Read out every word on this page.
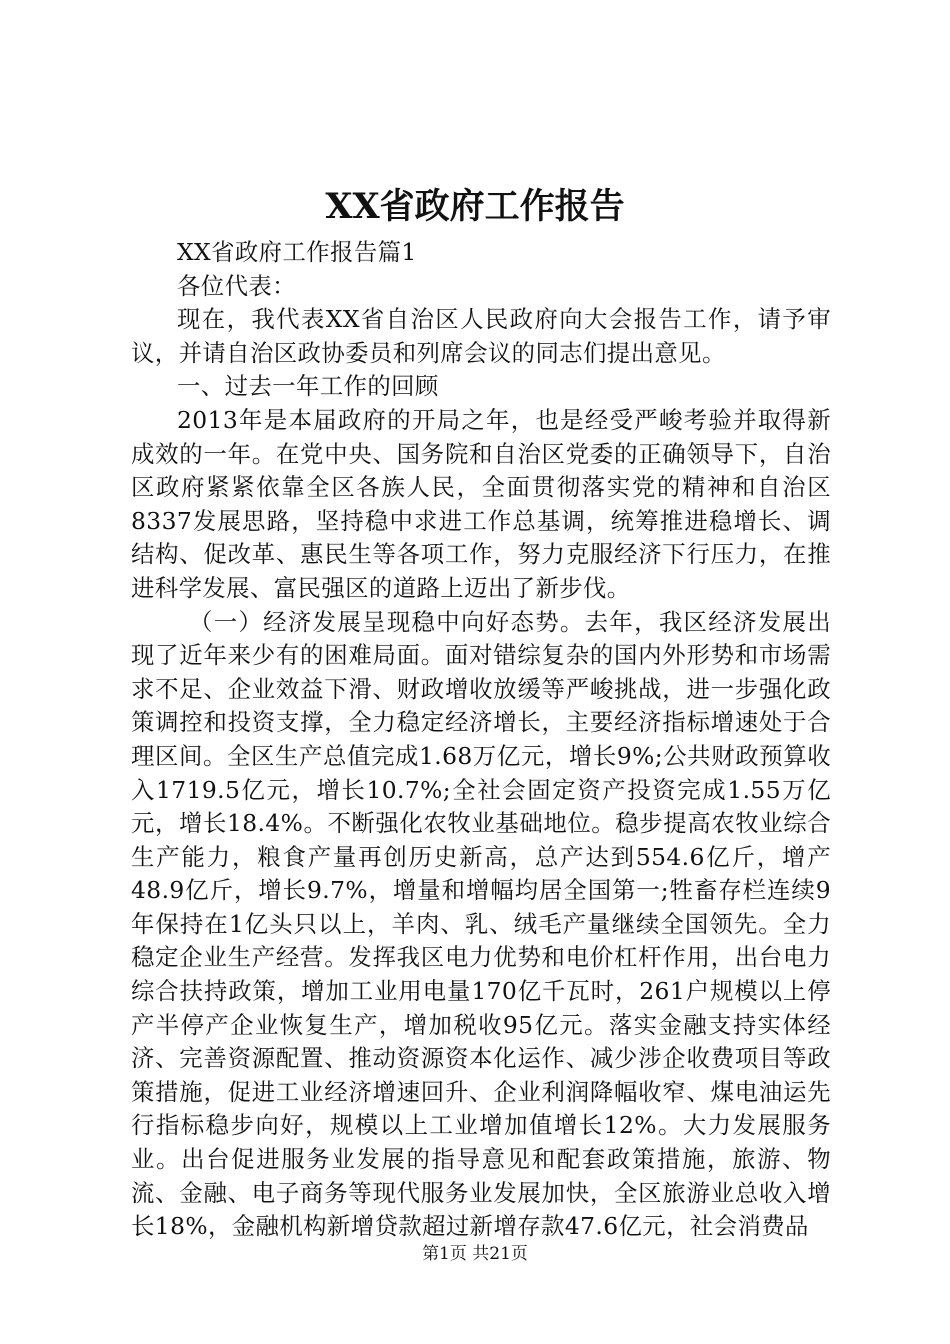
XX省政府工作报告

XX省政府工作报告篇1

各位代表：

现在，我代表XX省自治区人民政府向大会报告工作，请予审议，并请自治区政协委员和列席会议的同志们提出意见。

一、过去一年工作的回顾

2013年是本届政府的开局之年，也是经受严峻考验并取得新成效的一年。在党中央、国务院和自治区党委的正确领导下，自治区政府紧紧依靠全区各族人民，全面贯彻落实党的精神和自治区8337发展思路，坚持稳中求进工作总基调，统筹推进稳增长、调结构、促改革、惠民生等各项工作，努力克服经济下行压力，在推进科学发展、富民强区的道路上迈出了新步伐。

（一）经济发展呈现稳中向好态势。去年，我区经济发展出现了近年来少有的困难局面。面对错综复杂的国内外形势和市场需求不足、企业效益下滑、财政增收放缓等严峻挑战，进一步强化政策调控和投资支撑，全力稳定经济增长，主要经济指标增速处于合理区间。全区生产总值完成1.68万亿元，增长9%;公共财政预算收入1719.5亿元，增长10.7%;全社会固定资产投资完成1.55万亿元，增长18.4%。不断强化农牧业基础地位。稳步提高农牧业综合生产能力，粮食产量再创历史新高，总产达到554.6亿斤，增产48.9亿斤，增长9.7%，增量和增幅均居全国第一;牲畜存栏连续9年保持在1亿头只以上，羊肉、乳、绒毛产量继续全国领先。全力稳定企业生产经营。发挥我区电力优势和电价杠杆作用，出台电力综合扶持政策，增加工业用电量170亿千瓦时，261户规模以上停产半停产企业恢复生产，增加税收95亿元。落实金融支持实体经济、完善资源配置、推动资源资本化运作、减少涉企收费项目等政策措施，促进工业经济增速回升、企业利润降幅收窄、煤电油运先行指标稳步向好，规模以上工业增加值增长12%。大力发展服务业。出台促进服务业发展的指导意见和配套政策措施，旅游、物流、金融、电子商务等现代服务业发展加快，全区旅游业总收入增长18%，金融机构新增贷款超过新增存款47.6亿元，社会消费品

第1页 共21页
